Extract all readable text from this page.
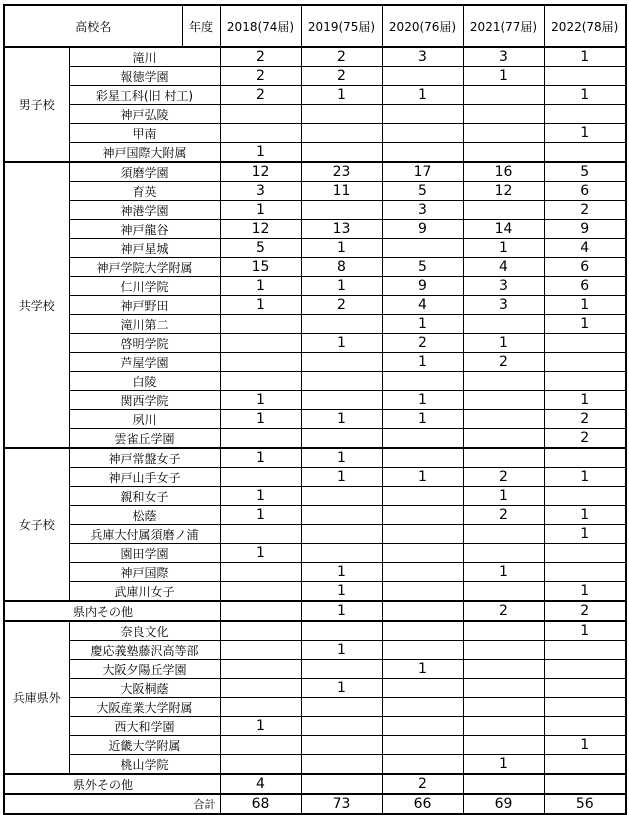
高校名		年度	2018(74届)	2019(75届)	2020(76届)	2021(77届)	2022(78届)
男子校	滝川		2	2	3	3	1
	報徳学園		2	2		1	
	彩星工科(旧 村工)		2	1	1		1
	神戸弘陵						
	甲南						1
	神戸国際大附属		1				
共学校	須磨学園		12	23	17	16	5
	育英		3	11	5	12	6
	神港学園		1		3		2
	神戸龍谷		12	13	9	14	9
	神戸星城		5	1		1	4
	神戸学院大学附属		15	8	5	4	6
	仁川学院		1	1	9	3	6
	神戸野田		1	2	4	3	1
	滝川第二				1		1
	啓明学院			1	2	1	
	芦屋学園				1	2	
	白陵						
	関西学院		1		1		1
	夙川		1	1	1		2
	雲雀丘学園						2
女子校	神戸常盤女子		1	1			
	神戸山手女子			1	1	2	1
	親和女子		1			1	
	松蔭		1			2	1
	兵庫大付属須磨ノ浦						1
	園田学園		1				
	神戸国際			1		1	
	武庫川女子			1			1
県内その他				1		2	2
兵庫県外	奈良文化						1
	慶応義塾藤沢高等部			1			
	大阪夕陽丘学園				1		
	大阪桐蔭			1			
	大阪産業大学附属						
	西大和学園		1				
	近畿大学附属						1
	桃山学院					1	
県外その他			4		2		
合計			68	73	66	69	56
